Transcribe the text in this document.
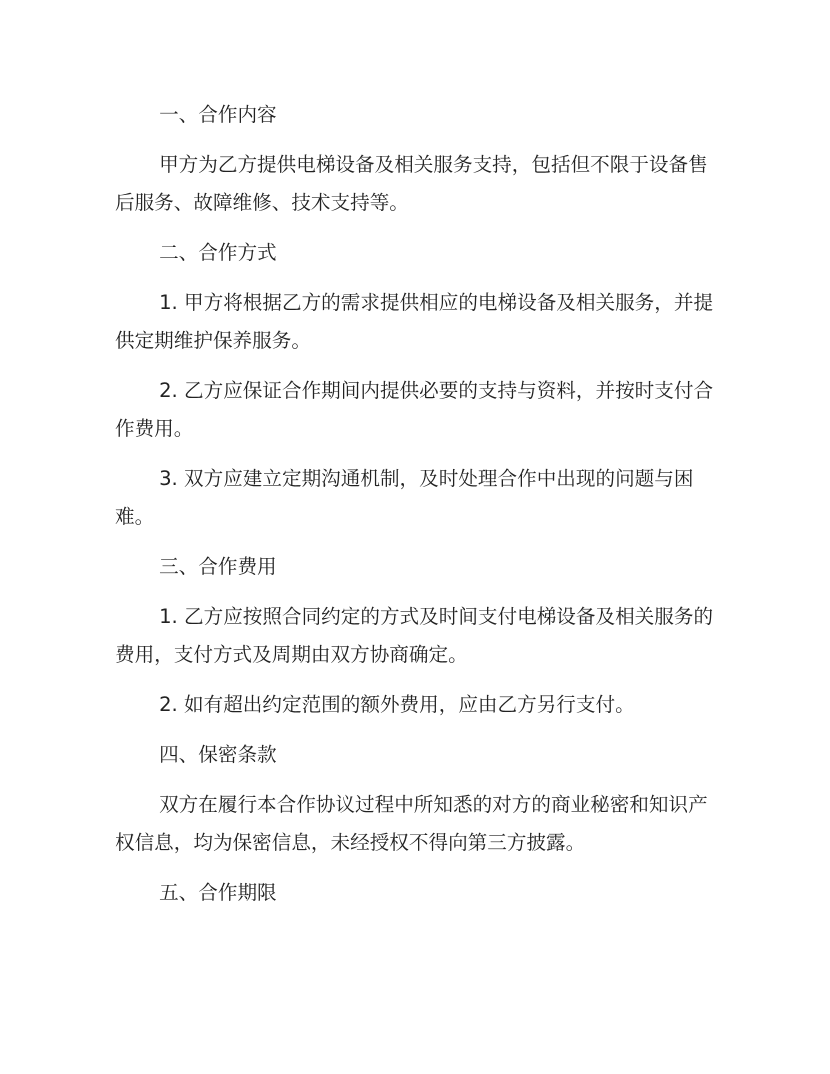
一、合作内容

甲方为乙方提供电梯设备及相关服务支持，包括但不限于设备售后服务、故障维修、技术支持等。

二、合作方式

1. 甲方将根据乙方的需求提供相应的电梯设备及相关服务，并提供定期维护保养服务。

2. 乙方应保证合作期间内提供必要的支持与资料，并按时支付合作费用。

3. 双方应建立定期沟通机制，及时处理合作中出现的问题与困难。

三、合作费用

1. 乙方应按照合同约定的方式及时间支付电梯设备及相关服务的费用，支付方式及周期由双方协商确定。

2. 如有超出约定范围的额外费用，应由乙方另行支付。

四、保密条款

双方在履行本合作协议过程中所知悉的对方的商业秘密和知识产权信息，均为保密信息，未经授权不得向第三方披露。

五、合作期限
